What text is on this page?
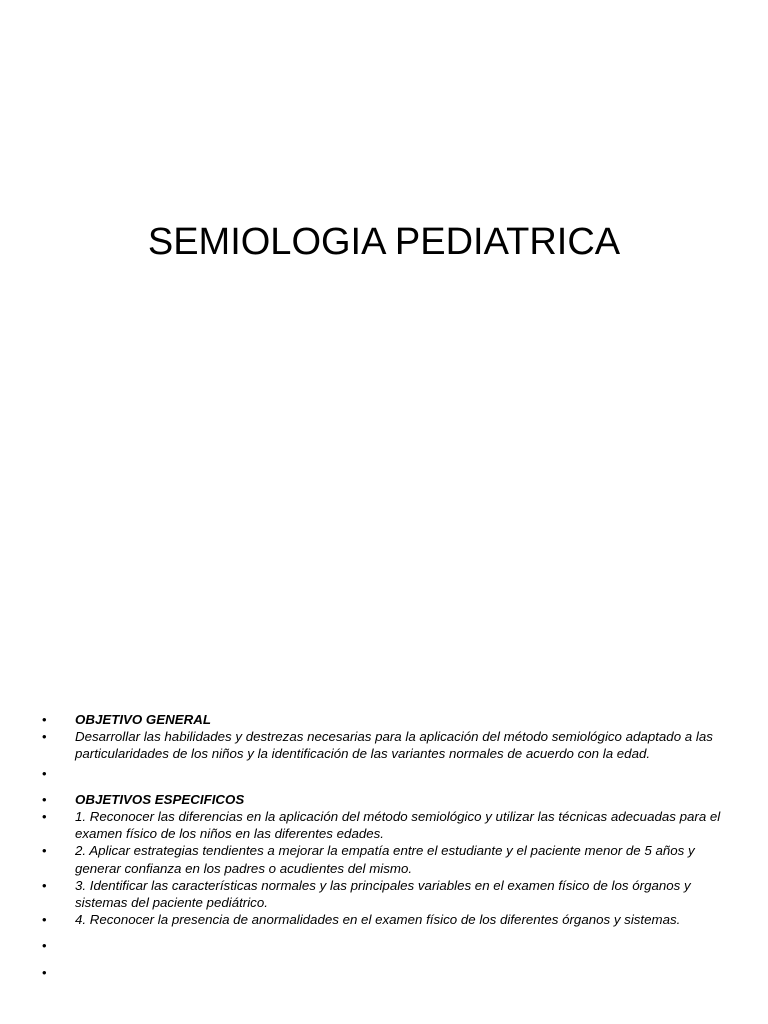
SEMIOLOGIA PEDIATRICA
•	OBJETIVO GENERAL
•	Desarrollar las habilidades y destrezas necesarias para la aplicación del método semiológico adaptado a las particularidades de los niños y la identificación de las variantes normales de acuerdo con la edad.
•
•	OBJETIVOS ESPECIFICOS
•	1. Reconocer las diferencias en la aplicación del método semiológico y utilizar las técnicas adecuadas para el examen físico de los niños en las diferentes edades.
•	2. Aplicar estrategias tendientes a mejorar la empatía entre el estudiante y el paciente menor de 5 años y generar confianza en los padres o acudientes del mismo.
•	3. Identificar las características normales y las principales variables en el examen físico de los órganos y sistemas del paciente pediátrico.
•	4. Reconocer la presencia de anormalidades en el examen físico de los diferentes órganos y sistemas.
•
•
